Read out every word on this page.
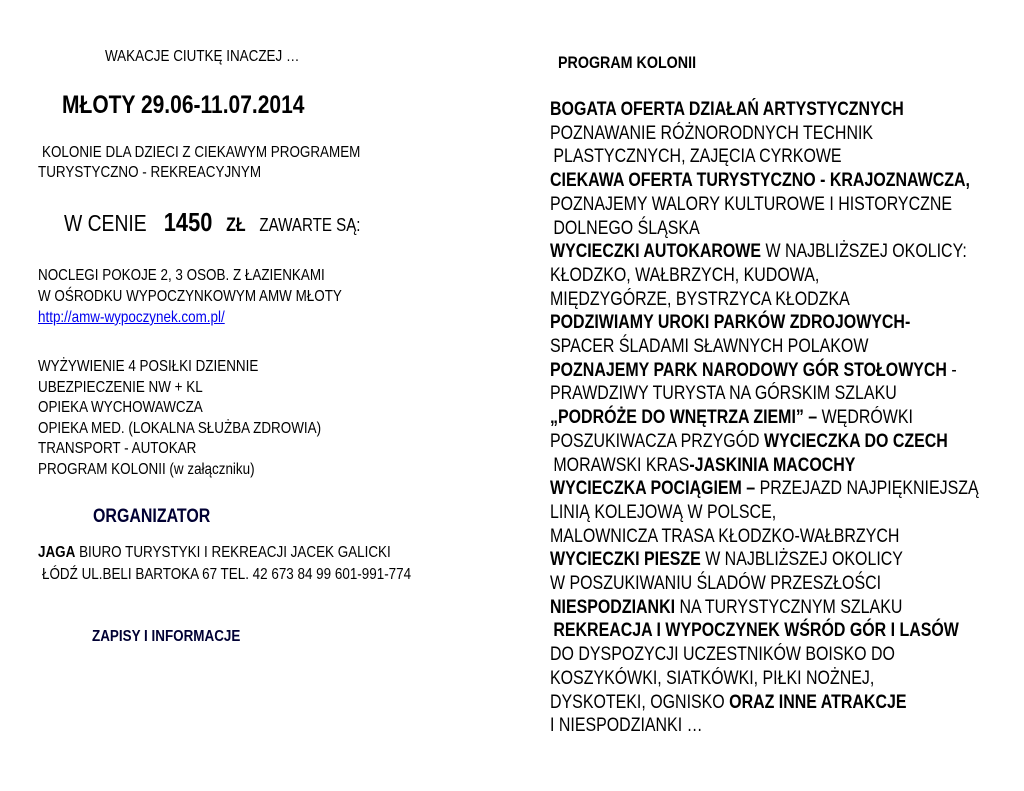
WAKACJE CIUTKĘ INACZEJ …
MŁOTY 29.06-11.07.2014
KOLONIE DLA DZIECI Z CIEKAWYM PROGRAMEM
TURYSTYCZNO - REKREACYJNYM
W CENIE 1450 ZŁ ZAWARTE SĄ:
NOCLEGI POKOJE 2, 3 OSOB. Z ŁAZIENKAMI
W OŚRODKU WYPOCZYNKOWYM AMW MŁOTY
http://amw-wypoczynek.com.pl/
WYŻYWIENIE 4 POSIŁKI DZIENNIE
UBEZPIECZENIE NW + KL
OPIEKA WYCHOWAWCZA
OPIEKA MED. (LOKALNA SŁUŻBA ZDROWIA)
TRANSPORT - AUTOKAR
PROGRAM KOLONII (w załączniku)
ORGANIZATOR
JAGA BIURO TURYSTYKI I REKREACJI JACEK GALICKI
ŁÓDŹ UL.BELI BARTOKA 67 TEL. 42 673 84 99 601-991-774
ZAPISY I INFORMACJE
PROGRAM KOLONII
BOGATA OFERTA DZIAŁAŃ ARTYSTYCZNYCH
POZNAWANIE RÓŻNORODNYCH TECHNIK
PLASTYCZNYCH, ZAJĘCIA CYRKOWE
CIEKAWA OFERTA TURYSTYCZNO - KRAJOZNAWCZA,
POZNAJEMY WALORY KULTUROWE I HISTORYCZNE
DOLNEGO ŚLĄSKA
WYCIECZKI AUTOKAROWE W NAJBLIŻSZEJ OKOLICY:
KŁODZKO, WAŁBRZYCH, KUDOWA,
MIĘDZYGÓRZE, BYSTRZYCA KŁODZKA
PODZIWIAMY UROKI PARKÓW ZDROJOWYCH-
SPACER ŚLADAMI SŁAWNYCH POLAKOW
POZNAJEMY PARK NARODOWY GÓR STOŁOWYCH -
PRAWDZIWY TURYSTA NA GÓRSKIM SZLAKU
„PODRÓŻE DO WNĘTRZA ZIEMI” – WĘDRÓWKI
POSZUKIWACZA PRZYGÓD WYCIECZKA DO CZECH
MORAWSKI KRAS-JASKINIA MACOCHY
WYCIECZKA POCIĄGIEM – PRZEJAZD NAJPIĘKNIEJSZĄ
LINIĄ KOLEJOWĄ W POLSCE,
MALOWNICZA TRASA KŁODZKO-WAŁBRZYCH
WYCIECZKI PIESZE W NAJBLIŻSZEJ OKOLICY
W POSZUKIWANIU ŚLADÓW PRZESZŁOŚCI
NIESPODZIANKI NA TURYSTYCZNYM SZLAKU
REKREACJA I WYPOCZYNEK WŚRÓD GÓR I LASÓW
DO DYSPOZYCJI UCZESTNIKÓW BOISKO DO
KOSZYKÓWKI, SIATKÓWKI, PIŁKI NOŻNEJ,
DYSKOTEKI, OGNISKO ORAZ INNE ATRAKCJE
I NIESPODZIANKI …
